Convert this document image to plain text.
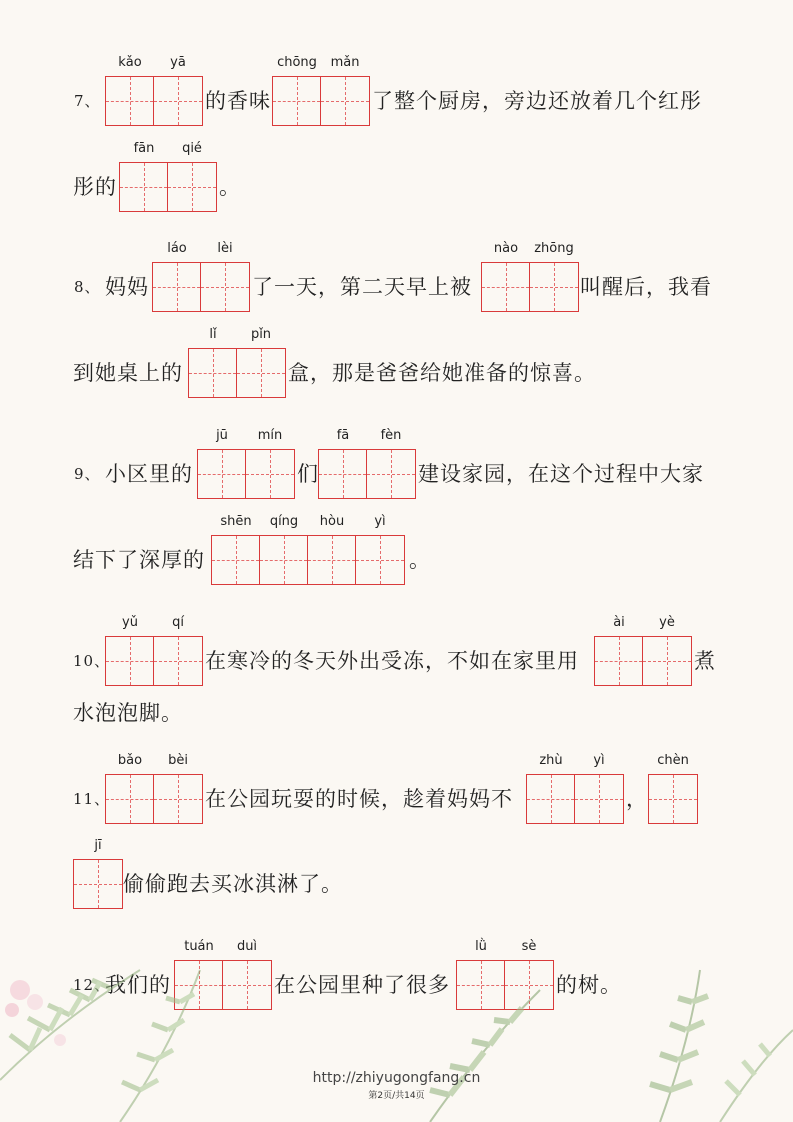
7、
kǎo	yā
的香味
chōng	mǎn
了整个厨房，旁边还放着几个红彤
彤的
fān	qié
。
8、 妈妈
láo	lèi
了一天，第二天早上被
nào	zhōng
叫醒后，我看
到她桌上的
lǐ	pǐn
盒，那是爸爸给她准备的惊喜。
9、 小区里的
jū	mín
们
fā	fèn
建设家园，在这个过程中大家
结下了深厚的
shēn	qíng	hòu	yì
。
10、
yǔ	qí
在寒冷的冬天外出受冻，不如在家里用
ài	yè
煮
水泡泡脚。
11、
bǎo	bèi
在公园玩耍的时候，趁着妈妈不
zhù	yì
，
chèn
jī
偷偷跑去买冰淇淋了。
12、
我们的
tuán	duì
在公园里种了很多
lǜ	sè
的树。
http://zhiyugongfang.cn
第2页/共14页
